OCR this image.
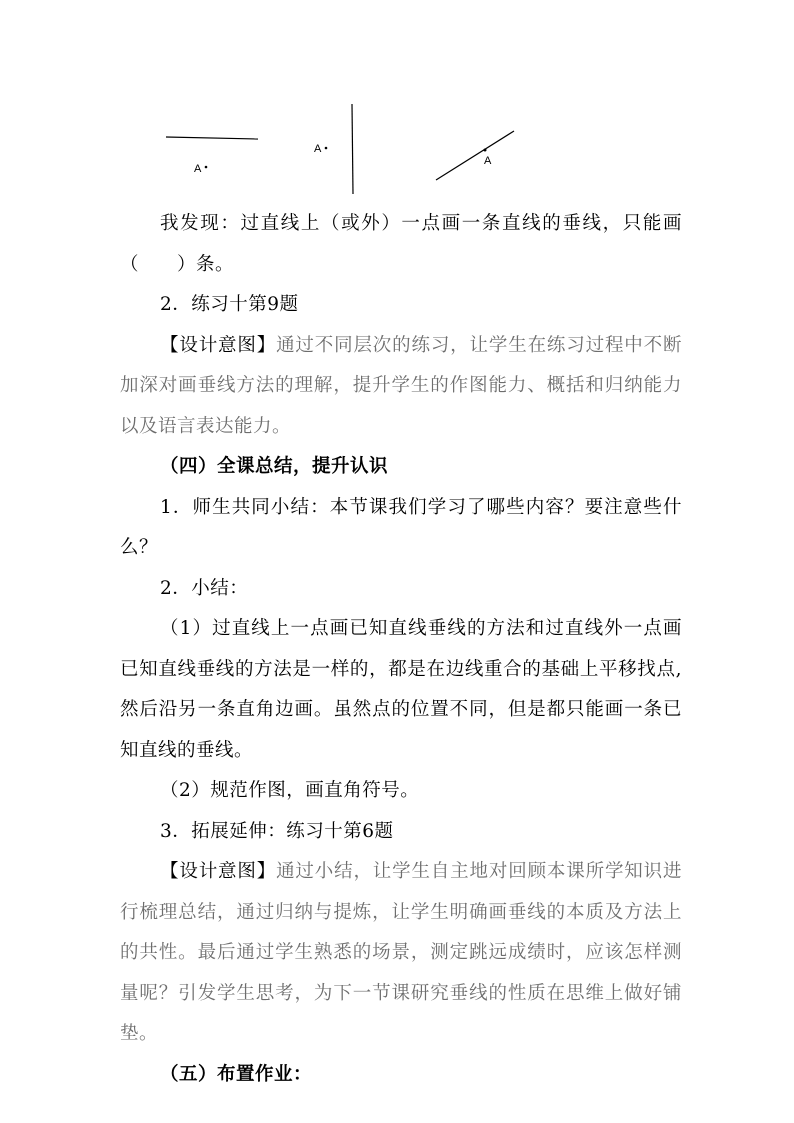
A
A
A

我发现：过直线上（或外）一点画一条直线的垂线，只能画（　　）条。

2．练习十第9题

【设计意图】通过不同层次的练习，让学生在练习过程中不断加深对画垂线方法的理解，提升学生的作图能力、概括和归纳能力以及语言表达能力。

（四）全课总结，提升认识

1．师生共同小结：本节课我们学习了哪些内容？要注意些什么？

2．小结：

（1）过直线上一点画已知直线垂线的方法和过直线外一点画已知直线垂线的方法是一样的，都是在边线重合的基础上平移找点,然后沿另一条直角边画。虽然点的位置不同，但是都只能画一条已知直线的垂线。

（2）规范作图，画直角符号。

3．拓展延伸：练习十第6题

【设计意图】通过小结，让学生自主地对回顾本课所学知识进行梳理总结，通过归纳与提炼，让学生明确画垂线的本质及方法上的共性。最后通过学生熟悉的场景，测定跳远成绩时，应该怎样测量呢？引发学生思考，为下一节课研究垂线的性质在思维上做好铺垫。

（五）布置作业：
